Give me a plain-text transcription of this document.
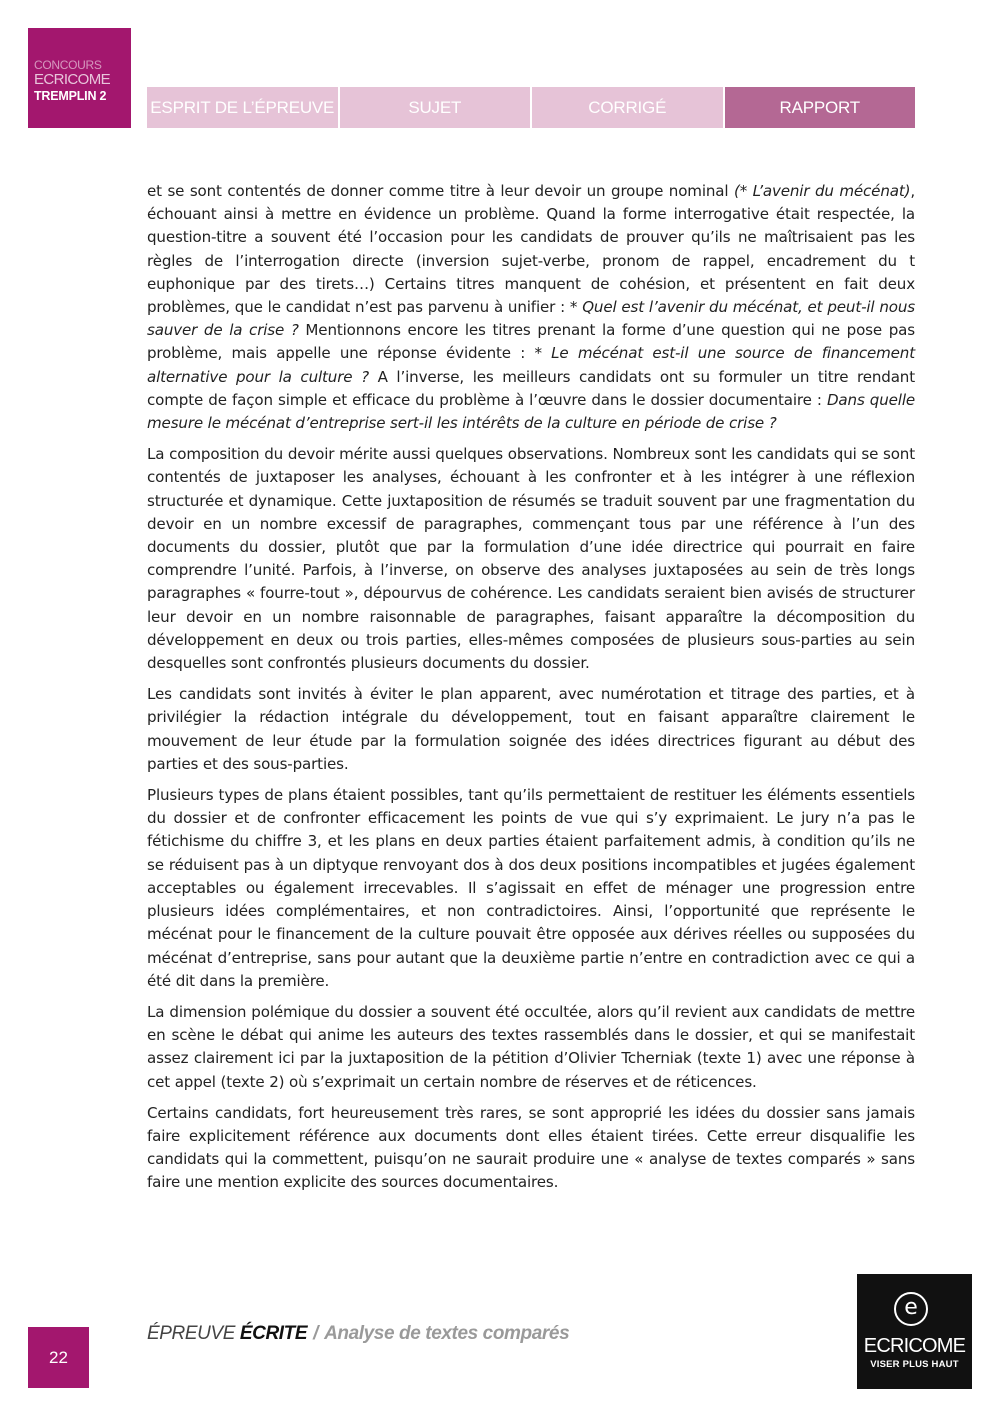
CONCOURS
ECRICOME
TREMPLIN 2
ESPRIT DE L’ÉPREUVE	SUJET	CORRIGÉ	RAPPORT

et se sont contentés de donner comme titre à leur devoir un groupe nominal (* L’avenir du mécénat), échouant ainsi à mettre en évidence un problème. Quand la forme interrogative était respectée, la question-titre a souvent été l’occasion pour les candidats de prouver qu’ils ne maîtrisaient pas les règles de l’interrogation directe (inversion sujet-verbe, pronom de rappel, encadrement du t euphonique par des tirets…) Certains titres manquent de cohésion, et présentent en fait deux problèmes, que le candidat n’est pas parvenu à unifier : * Quel est l’avenir du mécénat, et peut-il nous sauver de la crise ? Mentionnons encore les titres prenant la forme d’une question qui ne pose pas problème, mais appelle une réponse évidente : * Le mécénat est-il une source de financement alternative pour la culture ? A l’inverse, les meilleurs candidats ont su formuler un titre rendant compte de façon simple et efficace du problème à l’œuvre dans le dossier documentaire : Dans quelle mesure le mécénat d’entreprise sert-il les intérêts de la culture en période de crise ?

La composition du devoir mérite aussi quelques observations. Nombreux sont les candidats qui se sont contentés de juxtaposer les analyses, échouant à les confronter et à les intégrer à une réflexion structurée et dynamique. Cette juxtaposition de résumés se traduit souvent par une fragmentation du devoir en un nombre excessif de paragraphes, commençant tous par une référence à l’un des documents du dossier, plutôt que par la formulation d’une idée directrice qui pourrait en faire comprendre l’unité. Parfois, à l’inverse, on observe des analyses juxtaposées au sein de très longs paragraphes « fourre-tout », dépourvus de cohérence. Les candidats seraient bien avisés de structurer leur devoir en un nombre raisonnable de paragraphes, faisant apparaître la décomposition du développement en deux ou trois parties, elles-mêmes composées de plusieurs sous-parties au sein desquelles sont confrontés plusieurs documents du dossier.

Les candidats sont invités à éviter le plan apparent, avec numérotation et titrage des parties, et à privilégier la rédaction intégrale du développement, tout en faisant apparaître clairement le mouvement de leur étude par la formulation soignée des idées directrices figurant au début des parties et des sous-parties.

Plusieurs types de plans étaient possibles, tant qu’ils permettaient de restituer les éléments essentiels du dossier et de confronter efficacement les points de vue qui s’y exprimaient. Le jury n’a pas le fétichisme du chiffre 3, et les plans en deux parties étaient parfaitement admis, à condition qu’ils ne se réduisent pas à un diptyque renvoyant dos à dos deux positions incompatibles et jugées également acceptables ou également irrecevables. Il s’agissait en effet de ménager une progression entre plusieurs idées complémentaires, et non contradictoires. Ainsi, l’opportunité que représente le mécénat pour le financement de la culture pouvait être opposée aux dérives réelles ou supposées du mécénat d’entreprise, sans pour autant que la deuxième partie n’entre en contradiction avec ce qui a été dit dans la première.

La dimension polémique du dossier a souvent été occultée, alors qu’il revient aux candidats de mettre en scène le débat qui anime les auteurs des textes rassemblés dans le dossier, et qui se manifestait assez clairement ici par la juxtaposition de la pétition d’Olivier Tcherniak (texte 1) avec une réponse à cet appel (texte 2) où s’exprimait un certain nombre de réserves et de réticences.

Certains candidats, fort heureusement très rares, se sont approprié les idées du dossier sans jamais faire explicitement référence aux documents dont elles étaient tirées. Cette erreur disqualifie les candidats qui la commettent, puisqu’on ne saurait produire une « analyse de textes comparés » sans faire une mention explicite des sources documentaires.

22
ÉPREUVE ÉCRITE / Analyse de textes comparés
e
ECRICOME
VISER PLUS HAUT
